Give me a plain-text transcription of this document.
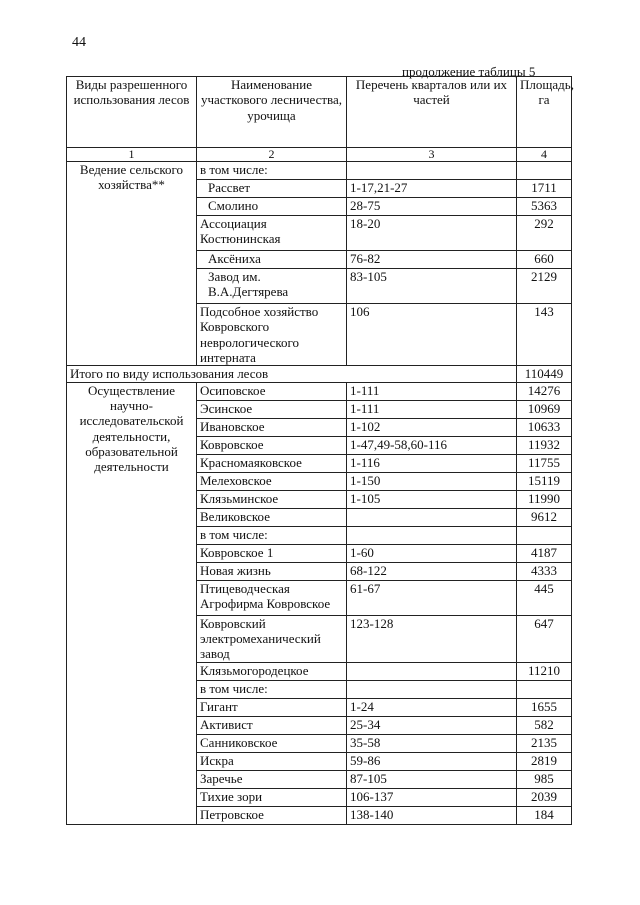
44
продолжение таблицы 5
Виды разрешенного использования лесов	Наименование участкового лесничества, урочища	Перечень кварталов или их частей	Площадь, га
1	2	3	4
Ведение сельского хозяйства**	в том числе:		
	Рассвет	1-17,21-27	1711
	Смолино	28-75	5363
	Ассоциация Костюнинская	18-20	292
	Аксёниха	76-82	660
	Завод им. В.А.Дегтярева	83-105	2129
	Подсобное хозяйство Ковровского неврологического интерната	106	143
Итого по виду использования лесов			110449
Осуществление научно-исследовательской деятельности, образовательной деятельности	Осиповское	1-111	14276
	Эсинское	1-111	10969
	Ивановское	1-102	10633
	Ковровское	1-47,49-58,60-116	11932
	Красномаяковское	1-116	11755
	Мелеховское	1-150	15119
	Клязьминское	1-105	11990
	Великовское		9612
	в том числе:		
	Ковровское 1	1-60	4187
	Новая жизнь	68-122	4333
	Птицеводческая Агрофирма Ковровское	61-67	445
	Ковровский электромеханический завод	123-128	647
	Клязьмогородецкое		11210
	в том числе:		
	Гигант	1-24	1655
	Активист	25-34	582
	Санниковское	35-58	2135
	Искра	59-86	2819
	Заречье	87-105	985
	Тихие зори	106-137	2039
	Петровское	138-140	184
